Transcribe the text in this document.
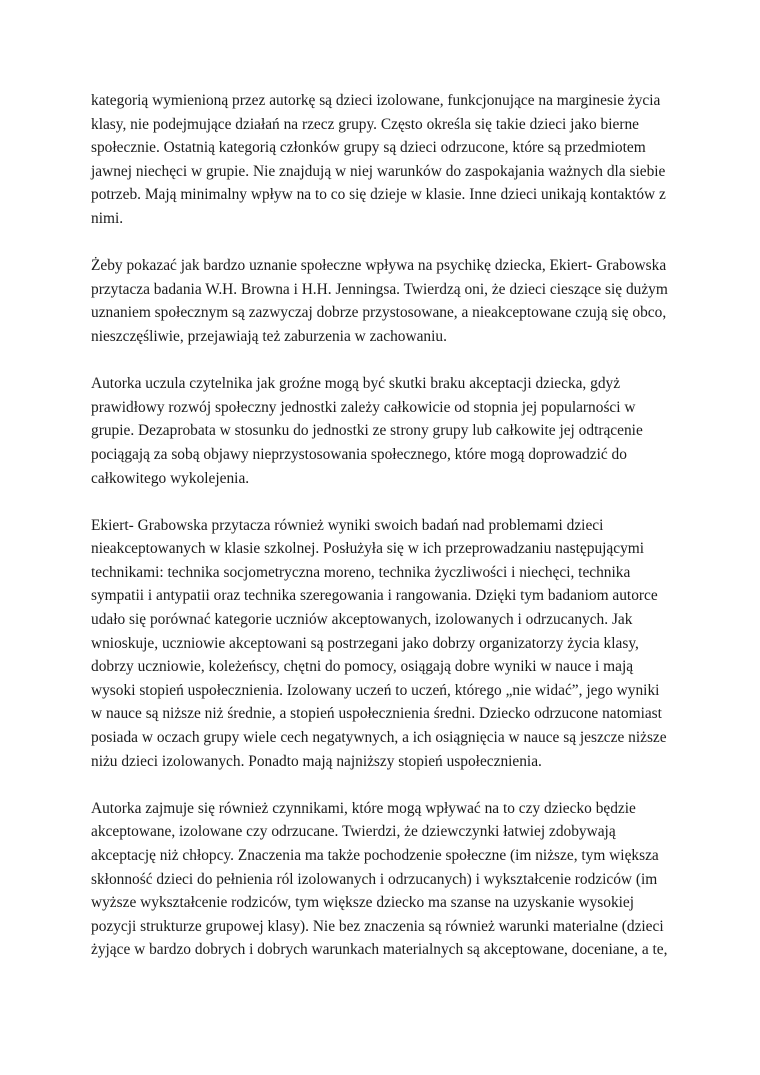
kategorią wymienioną przez autorkę są dzieci izolowane, funkcjonujące na marginesie życia
klasy, nie podejmujące działań na rzecz grupy. Często określa się takie dzieci jako bierne
społecznie. Ostatnią kategorią członków grupy są dzieci odrzucone, które są przedmiotem
jawnej niechęci w grupie. Nie znajdują w niej warunków do zaspokajania ważnych dla siebie
potrzeb. Mają minimalny wpływ na to co się dzieje w klasie. Inne dzieci unikają kontaktów z
nimi.

Żeby pokazać jak bardzo uznanie społeczne wpływa na psychikę dziecka, Ekiert- Grabowska
przytacza badania W.H. Browna i H.H. Jenningsa. Twierdzą oni, że dzieci cieszące się dużym
uznaniem społecznym są zazwyczaj dobrze przystosowane, a nieakceptowane czują się obco,
nieszczęśliwie, przejawiają też zaburzenia w zachowaniu.

Autorka uczula czytelnika jak groźne mogą być skutki braku akceptacji dziecka, gdyż
prawidłowy rozwój społeczny jednostki zależy całkowicie od stopnia jej popularności w
grupie. Dezaprobata w stosunku do jednostki ze strony grupy lub całkowite jej odtrącenie
pociągają za sobą objawy nieprzystosowania społecznego, które mogą doprowadzić do
całkowitego wykolejenia.

Ekiert- Grabowska przytacza również wyniki swoich badań nad problemami dzieci
nieakceptowanych w klasie szkolnej. Posłużyła się w ich przeprowadzaniu następującymi
technikami: technika socjometryczna moreno, technika życzliwości i niechęci, technika
sympatii i antypatii oraz technika szeregowania i rangowania. Dzięki tym badaniom autorce
udało się porównać kategorie uczniów akceptowanych, izolowanych i odrzucanych. Jak
wnioskuje, uczniowie akceptowani są postrzegani jako dobrzy organizatorzy życia klasy,
dobrzy uczniowie, koleżeńscy, chętni do pomocy, osiągają dobre wyniki w nauce i mają
wysoki stopień uspołecznienia. Izolowany uczeń to uczeń, którego „nie widać”, jego wyniki
w nauce są niższe niż średnie, a stopień uspołecznienia średni. Dziecko odrzucone natomiast
posiada w oczach grupy wiele cech negatywnych, a ich osiągnięcia w nauce są jeszcze niższe
niżu dzieci izolowanych. Ponadto mają najniższy stopień uspołecznienia.

Autorka zajmuje się również czynnikami, które mogą wpływać na to czy dziecko będzie
akceptowane, izolowane czy odrzucane. Twierdzi, że dziewczynki łatwiej zdobywają
akceptację niż chłopcy. Znaczenia ma także pochodzenie społeczne (im niższe, tym większa
skłonność dzieci do pełnienia ról izolowanych i odrzucanych) i wykształcenie rodziców (im
wyższe wykształcenie rodziców, tym większe dziecko ma szanse na uzyskanie wysokiej
pozycji strukturze grupowej klasy). Nie bez znaczenia są również warunki materialne (dzieci
żyjące w bardzo dobrych i dobrych warunkach materialnych są akceptowane, doceniane, a te,
